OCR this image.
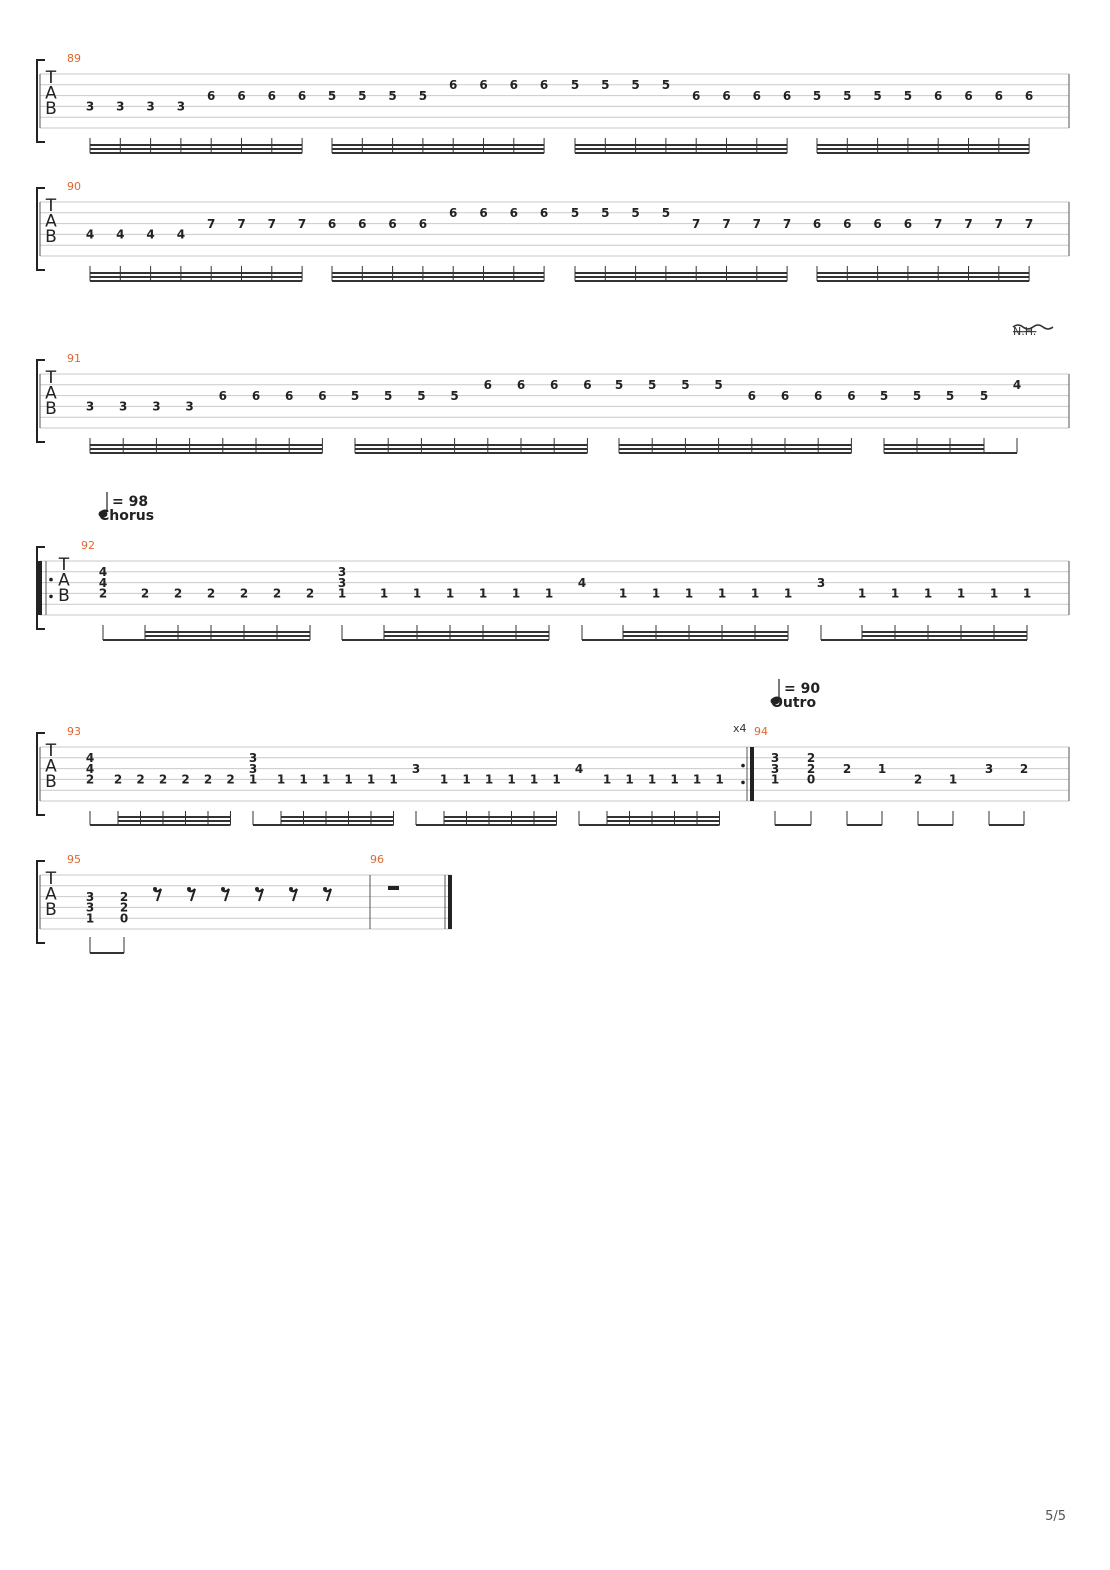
T
A
B
T
A
B
T
A
B
T
A
B
T
A
B
T
A
B
89
3 3 3 3
6 6 6 6 5 5 5 5
6 6 6 6 5 5 5 5
6 6 6 6 5 5 5 5 6 6 6 6
90
4 4 4 4
7 7 7 7 6 6 6 6
6 6 6 6 5 5 5 5
7 7 7 7 6 6 6 6 7 7 7 7
91
3 3 3 3
6 6 6 6 5 5 5 5
6 6 6 6 5 5 5 5
6 6 6 6 5 5 5 5
4
N.H.
= 98
Chorus
= 90
Outro
92
4
4
2
3
3
1
4	3
2 2 2 2 2 2	1 1 1 1 1 1	1 1 1 1 1 1	1 1 1 1 1 1
93	94
x4
4
4
2
3
3
1
3	4
2 2 2 2 2 2	1 1 1 1 1 1	1 1 1 1 1 1	1 1 1 1 1 1
3
3
1
2
2
0
2 1
2 1
3 2
95	96
3
3
1
2
2
0
5/5
